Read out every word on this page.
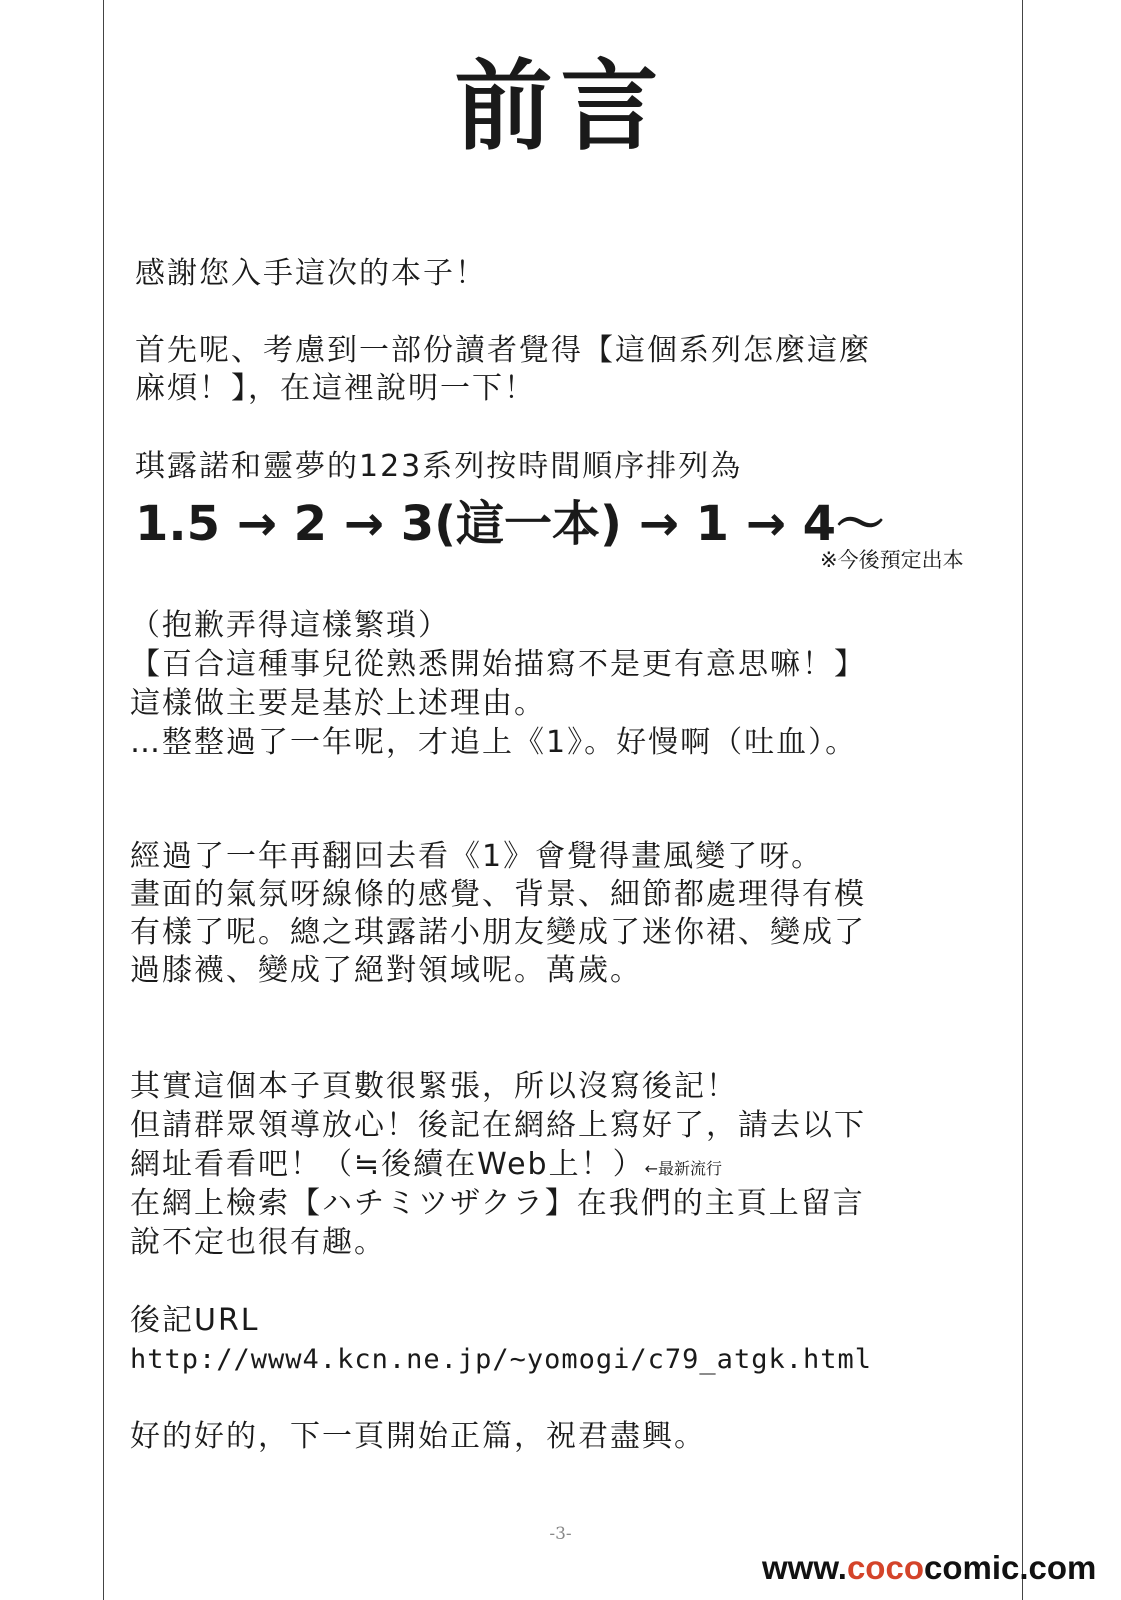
前言
感謝您入手這次的本子！
首先呢、考慮到一部份讀者覺得【這個系列怎麼這麼
麻煩！】，在這裡說明一下！
琪露諾和靈夢的123系列按時間順序排列為
1.5 → 2 → 3(這一本) → 1 → 4～
※今後預定出本
（抱歉弄得這樣繁瑣）
【百合這種事兒從熟悉開始描寫不是更有意思嘛！】
這樣做主要是基於上述理由。
…整整過了一年呢，才追上《1》。好慢啊（吐血）。
經過了一年再翻回去看《1》會覺得畫風變了呀。
畫面的氣氛呀線條的感覺、背景、細節都處理得有模
有樣了呢。總之琪露諾小朋友變成了迷你裙、變成了
過膝襪、變成了絕對領域呢。萬歲。
其實這個本子頁數很緊張，所以沒寫後記！
但請群眾領導放心！後記在網絡上寫好了，請去以下
網址看看吧！（≒後續在Web上！）←最新流行
在網上檢索【ハチミツザクラ】在我們的主頁上留言
說不定也很有趣。
後記URL
http://www4.kcn.ne.jp/~yomogi/c79_atgk.html
好的好的，下一頁開始正篇，祝君盡興。
-3-
www.cococomic.com
